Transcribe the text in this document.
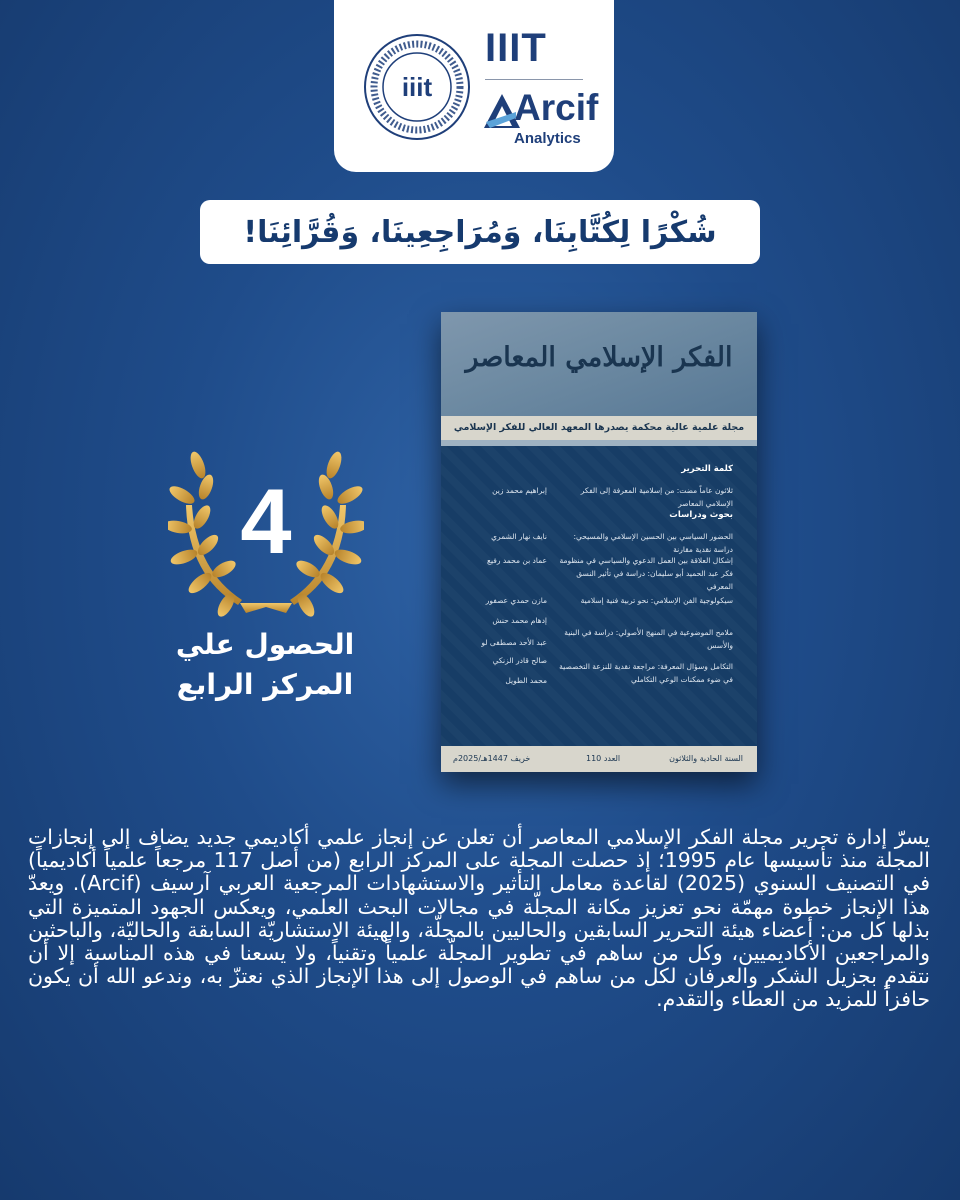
iiit
IIIT
Arcif
Analytics
شُكْرًا لِكُتَّابِنَا، وَمُرَاجِعِينَا، وَقُرَّائِنَا!
4
الحصول علي
المركز الرابع
الفكر الإسلامي المعاصر
مجلة علمية عالية محكمة يصدرها المعهد العالي للفكر الإسلامي
كلمة التحرير
ثلاثون عاماً مضت: من إسلامية المعرفة إلى الفكر الإسلامي المعاصر
إبراهيم محمد زين
بحوث ودراسات
الحضور السياسي بين الحسين الإسلامي والمسيحي: دراسة نقدية مقارنة
نايف نهار الشمري
إشكال العلاقة بين العمل الدعوي والسياسي في منظومة فكر عبد الحميد أبو سليمان: دراسة في تأثير النسق المعرفي
عماد بن محمد رفيع
سيكولوجية الفن الإسلامي: نحو تربية فنية إسلامية
مازن حمدي عصفور
إدهام محمد حنش
ملامح الموضوعية في المنهج الأصولي: دراسة في البنية والأسس
عبد الأحد مصطفى لو
صالح قادر الزنكي
التكامل وسؤال المعرفة: مراجعة نقدية للنزعة التخصصية في ضوء ممكنات الوعي التكاملي
محمد الطويل
السنة الحادية والثلاثون
العدد 110
خريف 1447هـ/2025م
يسرّ إدارة تحرير مجلة الفكر الإسلامي المعاصر أن تعلن عن إنجاز علمي أكاديمي جديد يضاف إلى إنجازات المجلة منذ تأسيسها عام 1995؛ إذ حصلت المجلة على المركز الرابع (من أصل 117 مرجعاً علمياً أكاديمياً) في التصنيف السنوي (2025) لقاعدة معامل التأثير والاستشهادات المرجعية العربي آرسيف (Arcif). ويعدّ هذا الإنجاز خطوة مهمّة نحو تعزيز مكانة المجلّة في مجالات البحث العلمي، ويعكس الجهود المتميزة التي بذلها كل من: أعضاء هيئة التحرير السابقين والحاليين بالمجلّة، والهيئة الاستشاريّة السابقة والحاليّة، والباحثين والمراجعين الأكاديميين، وكل من ساهم في تطوير المجلّة علمياً وتقنياً، ولا يسعنا في هذه المناسبة إلا أن نتقدم بجزيل الشكر والعرفان لكل من ساهم في الوصول إلى هذا الإنجاز الذي نعتزّ به، وندعو الله أن يكون حافزاً للمزيد من العطاء والتقدم.
